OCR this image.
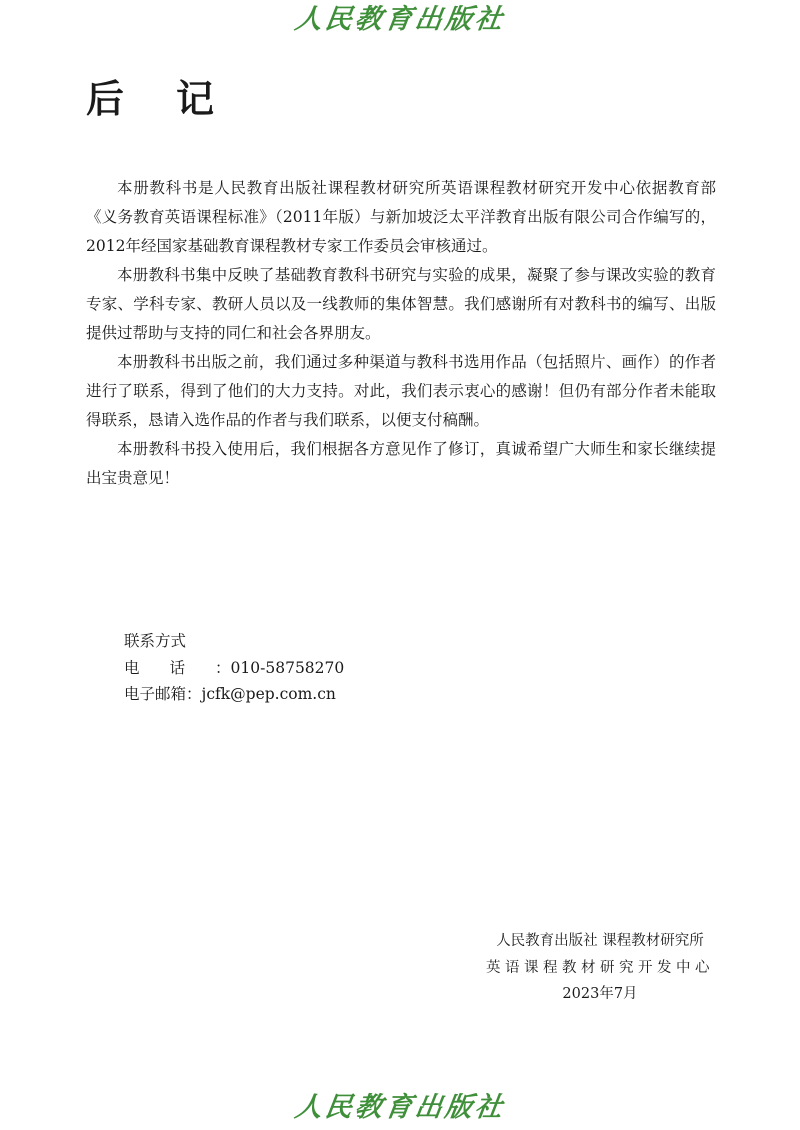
人民教育出版社
后记

本册教科书是人民教育出版社课程教材研究所英语课程教材研究开发中心依据教育部《义务教育英语课程标准》（2011年版）与新加坡泛太平洋教育出版有限公司合作编写的，2012年经国家基础教育课程教材专家工作委员会审核通过。

本册教科书集中反映了基础教育教科书研究与实验的成果，凝聚了参与课改实验的教育专家、学科专家、教研人员以及一线教师的集体智慧。我们感谢所有对教科书的编写、出版提供过帮助与支持的同仁和社会各界朋友。

本册教科书出版之前，我们通过多种渠道与教科书选用作品（包括照片、画作）的作者进行了联系，得到了他们的大力支持。对此，我们表示衷心的感谢！但仍有部分作者未能取得联系，恳请入选作品的作者与我们联系，以便支付稿酬。

本册教科书投入使用后，我们根据各方意见作了修订，真诚希望广大师生和家长继续提出宝贵意见！

联系方式
电话：010-58758270
电子邮箱：jcfk@pep.com.cn
人民教育出版社 课程教材研究所
英语课程教材研究开发中心
2023年7月
人民教育出版社
